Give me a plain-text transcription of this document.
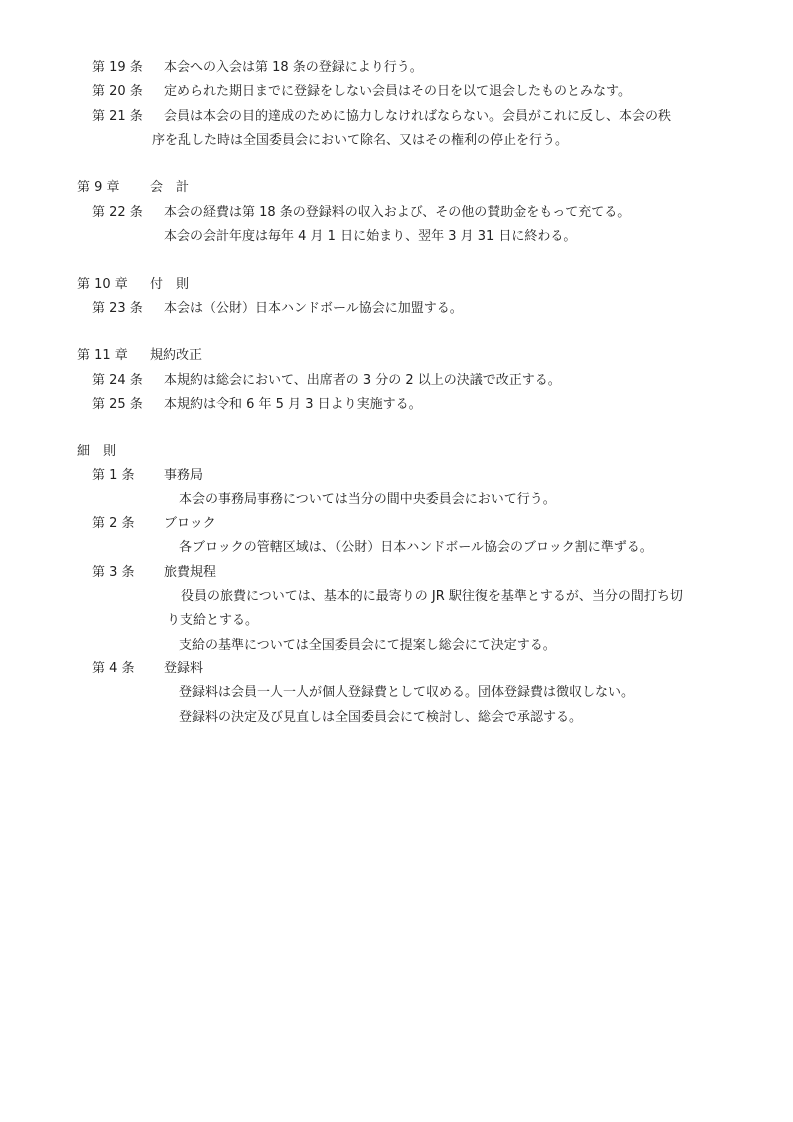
第 19 条 本会への入会は第 18 条の登録により行う。
第 20 条 定められた期日までに登録をしない会員はその日を以て退会したものとみなす。
第 21 条 会員は本会の目的達成のために協力しなければならない。会員がこれに反し、本会の秩
序を乱した時は全国委員会において除名、又はその権利の停止を行う。
第 9 章 会　計
第 22 条 本会の経費は第 18 条の登録料の収入および、その他の賛助金をもって充てる。
本会の会計年度は毎年 4 月 1 日に始まり、翌年 3 月 31 日に終わる。
第 10 章 付　則
第 23 条 本会は（公財）日本ハンドボール協会に加盟する。
第 11 章 規約改正
第 24 条 本規約は総会において、出席者の 3 分の 2 以上の決議で改正する。
第 25 条 本規約は令和 6 年 5 月 3 日より実施する。
細　則
第 1 条 事務局
本会の事務局事務については当分の間中央委員会において行う。
第 2 条 ブロック
各ブロックの管轄区域は、（公財）日本ハンドボール協会のブロック割に準ずる。
第 3 条 旅費規程
役員の旅費については、基本的に最寄りの JR 駅往復を基準とするが、当分の間打ち切
り支給とする。
支給の基準については全国委員会にて提案し総会にて決定する。
第 4 条 登録料
登録料は会員一人一人が個人登録費として収める。団体登録費は徴収しない。
登録料の決定及び見直しは全国委員会にて検討し、総会で承認する。
